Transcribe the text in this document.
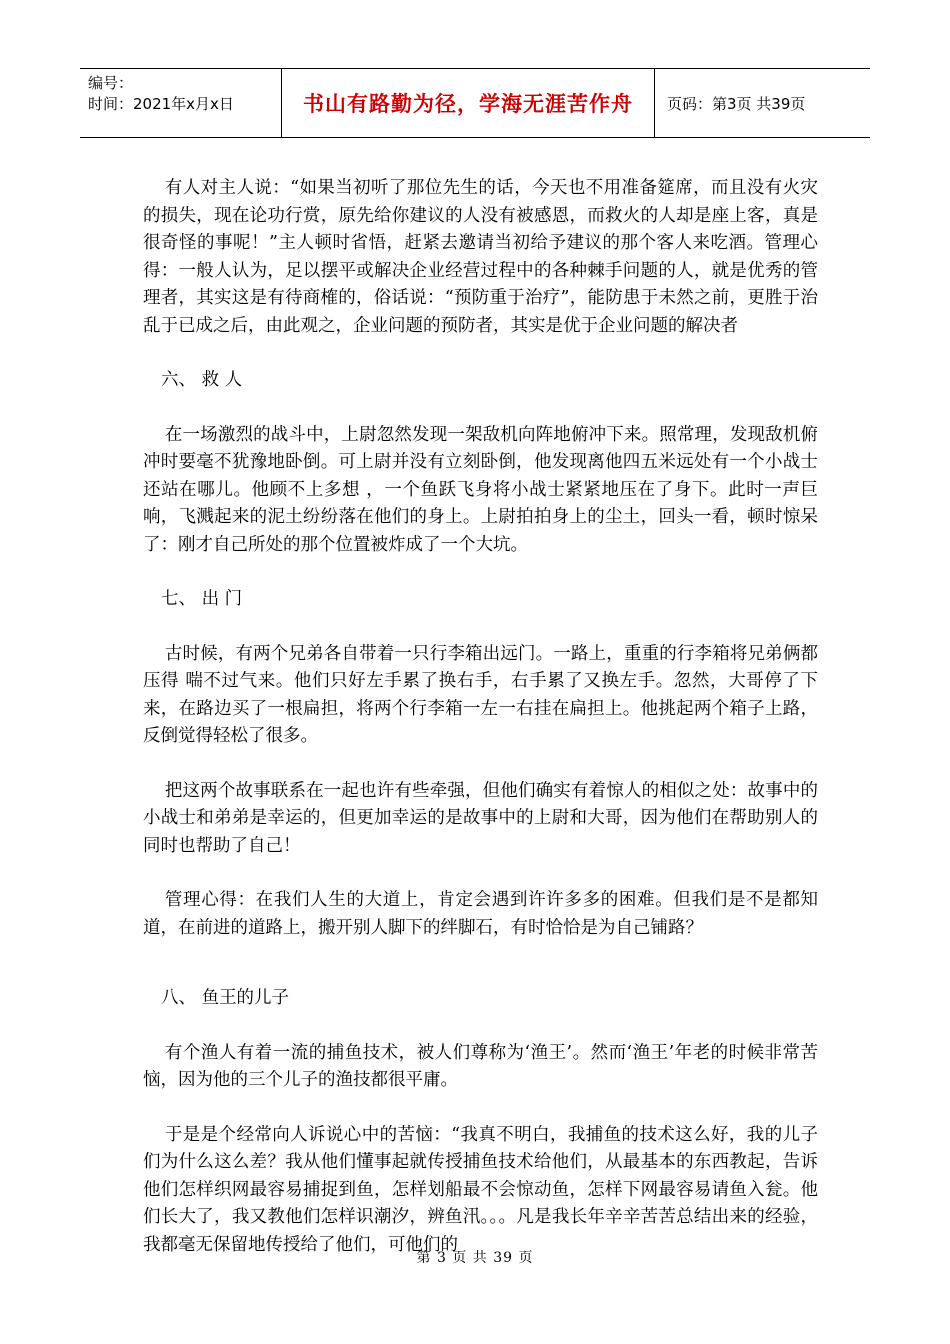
编号：
时间：2021年x月x日	书山有路勤为径，学海无涯苦作舟	页码：第3页 共39页

有人对主人说：“如果当初听了那位先生的话，今天也不用准备筵席，而且没有火灾的损失，现在论功行赏，原先给你建议的人没有被感恩，而救火的人却是座上客，真是很奇怪的事呢！”主人顿时省悟，赶紧去邀请当初给予建议的那个客人来吃酒。管理心得：一般人认为，足以摆平或解决企业经营过程中的各种棘手问题的人，就是优秀的管理者，其实这是有待商榷的，俗话说：“预防重于治疗”，能防患于未然之前，更胜于治乱于已成之后，由此观之，企业问题的预防者，其实是优于企业问题的解决者

六、 救 人

在一场激烈的战斗中，上尉忽然发现一架敌机向阵地俯冲下来。照常理，发现敌机俯冲时要毫不犹豫地卧倒。可上尉并没有立刻卧倒，他发现离他四五米远处有一个小战士还站在哪儿。他顾不上多想 ，一个鱼跃飞身将小战士紧紧地压在了身下。此时一声巨响，飞溅起来的泥土纷纷落在他们的身上。上尉拍拍身上的尘土，回头一看，顿时惊呆了：刚才自己所处的那个位置被炸成了一个大坑。

七、 出 门

古时候，有两个兄弟各自带着一只行李箱出远门。一路上，重重的行李箱将兄弟俩都压得 喘不过气来。他们只好左手累了换右手，右手累了又换左手。忽然，大哥停了下来，在路边买了一根扁担，将两个行李箱一左一右挂在扁担上。他挑起两个箱子上路，反倒觉得轻松了很多。

把这两个故事联系在一起也许有些牵强，但他们确实有着惊人的相似之处：故事中的小战士和弟弟是幸运的，但更加幸运的是故事中的上尉和大哥，因为他们在帮助别人的同时也帮助了自己！

管理心得：在我们人生的大道上，肯定会遇到许许多多的困难。但我们是不是都知道，在前进的道路上，搬开别人脚下的绊脚石，有时恰恰是为自己铺路？

八、 鱼王的儿子

有个渔人有着一流的捕鱼技术，被人们尊称为‘渔王’。然而‘渔王’年老的时候非常苦恼，因为他的三个儿子的渔技都很平庸。

于是是个经常向人诉说心中的苦恼：“我真不明白，我捕鱼的技术这么好，我的儿子们为什么这么差？我从他们懂事起就传授捕鱼技术给他们，从最基本的东西教起，告诉他们怎样织网最容易捕捉到鱼，怎样划船最不会惊动鱼，怎样下网最容易请鱼入瓮。他们长大了，我又教他们怎样识潮汐，辨鱼汛。。。凡是我长年辛辛苦苦总结出来的经验，我都毫无保留地传授给了他们，可他们的

第 3 页 共 39 页
